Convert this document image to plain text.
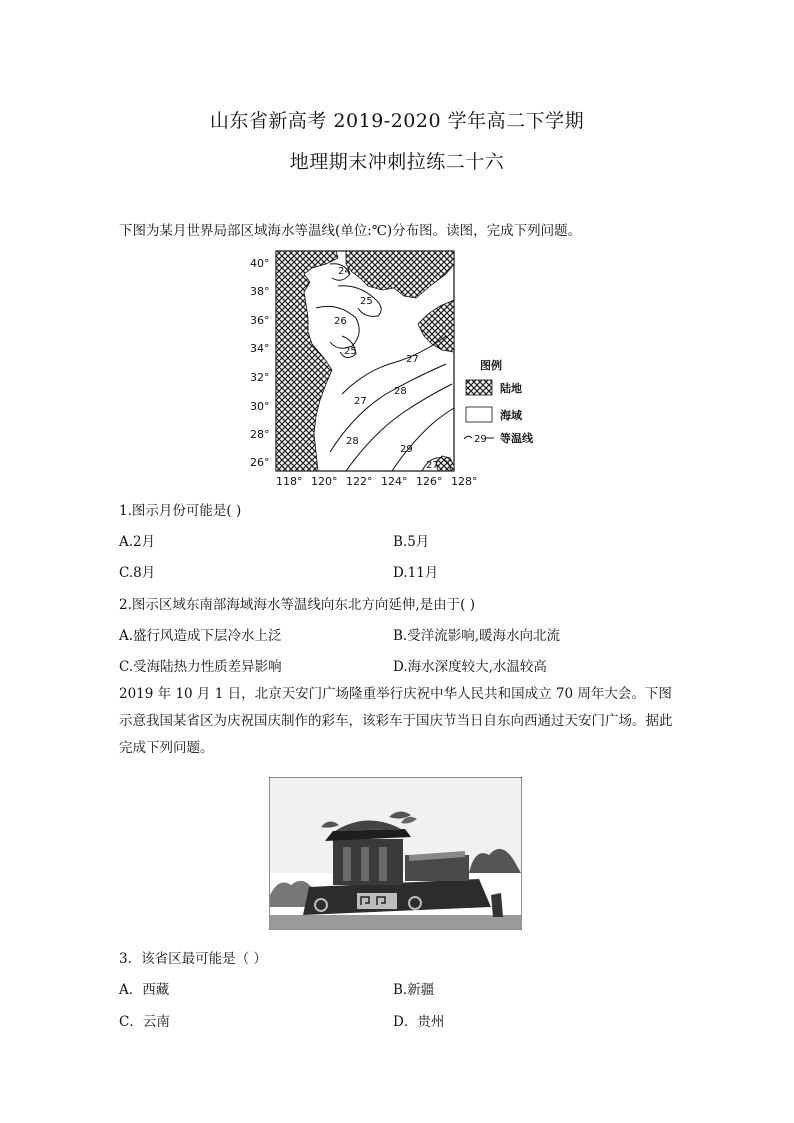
山东省新高考 2019-2020 学年高二下学期
地理期末冲刺拉练二十六
下图为某月世界局部区域海水等温线(单位:℃)分布图。读图，完成下列问题。
24
25
26
25
27
27
28
28
29
27
40°
38°
36°
34°
32°
30°
28°
26°
118° 120° 122° 124° 126° 128°
图例
陆地
海域
29 等温线
1.图示月份可能是( )
A.2月	B.5月
C.8月	D.11月
2.图示区域东南部海域海水等温线向东北方向延伸,是由于( )
A.盛行风造成下层冷水上泛	B.受洋流影响,暖海水向北流
C.受海陆热力性质差异影响	D.海水深度较大,水温较高
2019 年 10 月 1 日，北京天安门广场隆重举行庆祝中华人民共和国成立 70 周年大会。下图示意我国某省区为庆祝国庆制作的彩车，该彩车于国庆节当日自东向西通过天安门广场。据此完成下列问题。
3．该省区最可能是（ ）
A．西藏	B.新疆
C．云南	D．贵州
